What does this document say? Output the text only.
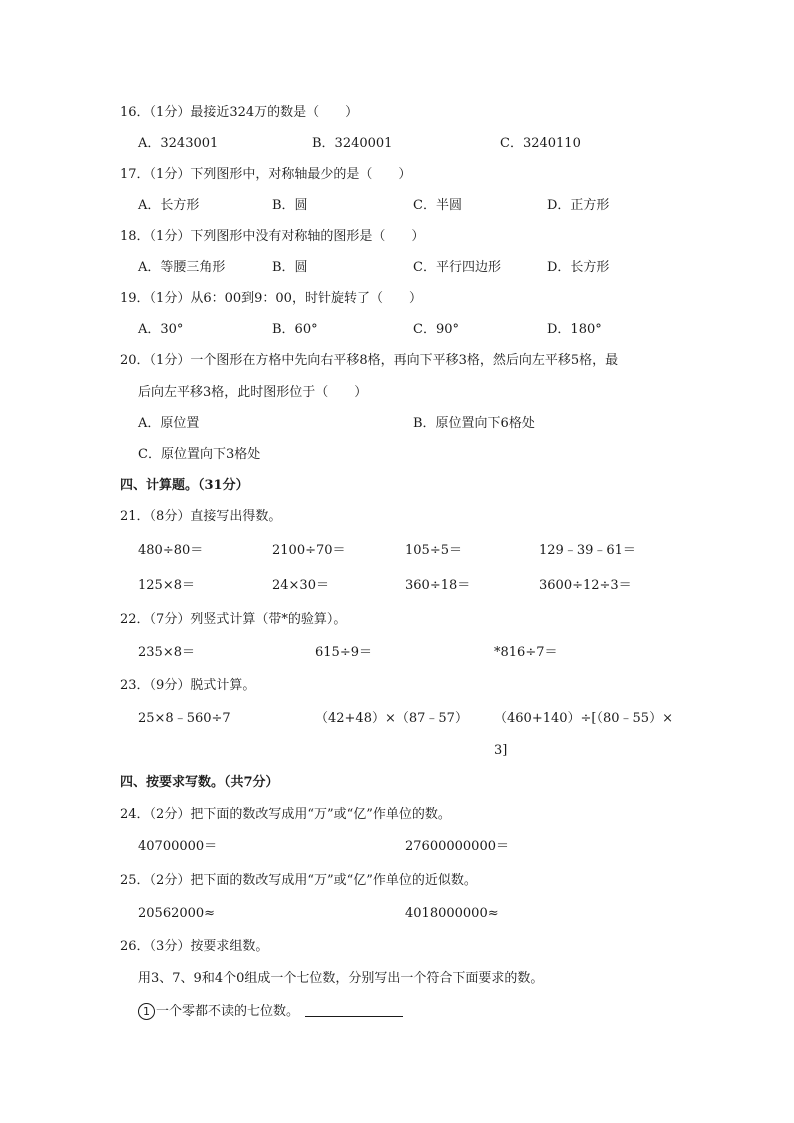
16．（1分）最接近324万的数是（　　）
A．3243001	B．3240001	C．3240110
17．（1分）下列图形中，对称轴最少的是（　　）
A．长方形	B．圆	C．半圆	D．正方形
18．（1分）下列图形中没有对称轴的图形是（　　）
A．等腰三角形	B．圆	C．平行四边形	D．长方形
19．（1分）从6：00到9：00，时针旋转了（　　）
A．30°	B．60°	C．90°	D．180°
20．（1分）一个图形在方格中先向右平移8格，再向下平移3格，然后向左平移5格，最
后向左平移3格，此时图形位于（　　）
A．原位置	B．原位置向下6格处
C．原位置向下3格处
四、计算题。（31分）
21．（8分）直接写出得数。
480÷80＝	2100÷70＝	105÷5＝	129﹣39﹣61＝
125×8＝	24×30＝	360÷18＝	3600÷12÷3＝
22．（7分）列竖式计算（带*的验算）。
235×8＝	615÷9＝	*816÷7＝
23．（9分）脱式计算。
25×8﹣560÷7	（42+48）×（87﹣57） （460+140）÷[（80﹣55）×
3]
四、按要求写数。（共7分）
24．（2分）把下面的数改写成用“万”或“亿”作单位的数。
40700000＝	27600000000＝
25．（2分）把下面的数改写成用“万”或“亿”作单位的近似数。
20562000≈	4018000000≈
26．（3分）按要求组数。
用3、7、9和4个0组成一个七位数，分别写出一个符合下面要求的数。
1 一个零都不读的七位数。
